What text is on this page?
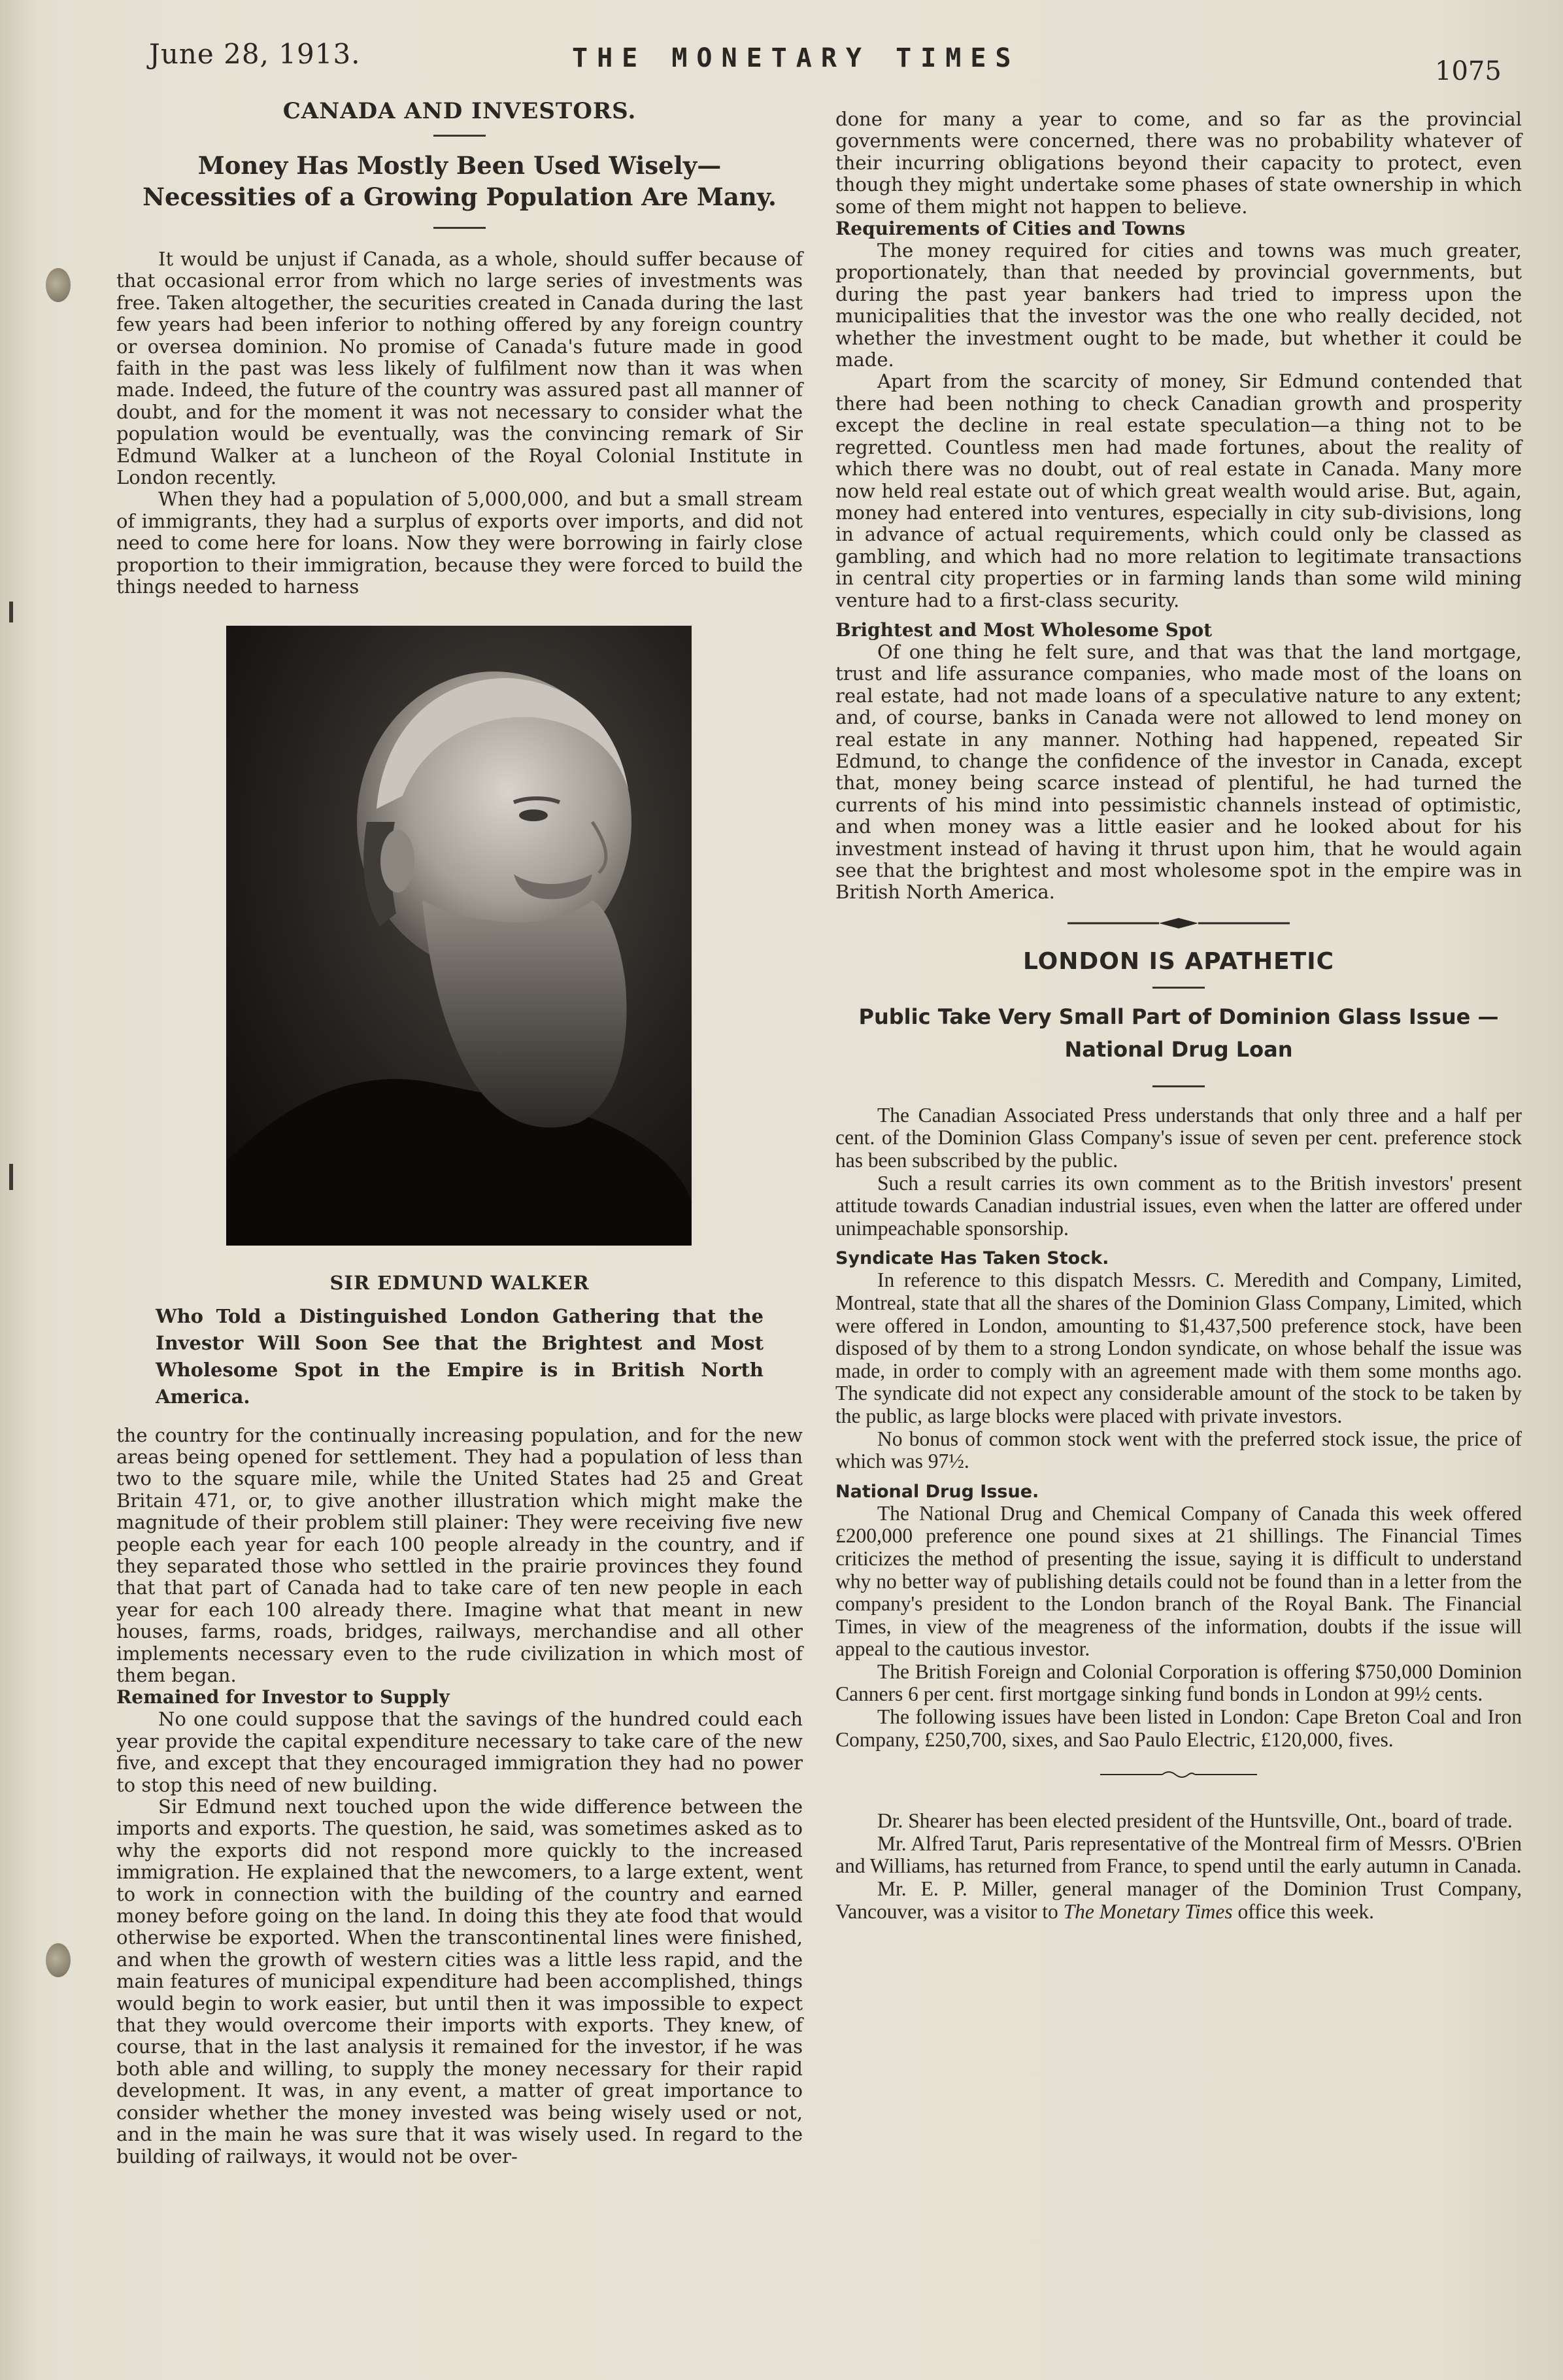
June 28, 1913.	THE MONETARY TIMES	1075
CANADA AND INVESTORS.
Money Has Mostly Been Used Wisely—Necessities of a Growing Population Are Many.

It would be unjust if Canada, as a whole, should suffer because of that occasional error from which no large series of investments was free. Taken altogether, the securities created in Canada during the last few years had been inferior to nothing offered by any foreign country or oversea dominion. No promise of Canada's future made in good faith in the past was less likely of fulfilment now than it was when made. Indeed, the future of the country was assured past all manner of doubt, and for the moment it was not necessary to consider what the population would be eventually, was the convincing remark of Sir Edmund Walker at a luncheon of the Royal Colonial Institute in London recently.

When they had a population of 5,000,000, and but a small stream of immigrants, they had a surplus of exports over imports, and did not need to come here for loans. Now they were borrowing in fairly close proportion to their immigration, because they were forced to build the things needed to harness

SIR EDMUND WALKER
Who Told a Distinguished London Gathering that the Investor Will Soon See that the Brightest and Most Wholesome Spot in the Empire is in British North America.

the country for the continually increasing population, and for the new areas being opened for settlement. They had a population of less than two to the square mile, while the United States had 25 and Great Britain 471, or, to give another illustration which might make the magnitude of their problem still plainer: They were receiving five new people each year for each 100 people already in the country, and if they separated those who settled in the prairie provinces they found that that part of Canada had to take care of ten new people in each year for each 100 already there. Imagine what that meant in new houses, farms, roads, bridges, railways, merchandise and all other implements necessary even to the rude civilization in which most of them began.

Remained for Investor to Supply

No one could suppose that the savings of the hundred could each year provide the capital expenditure necessary to take care of the new five, and except that they encouraged immigration they had no power to stop this need of new building.

Sir Edmund next touched upon the wide difference between the imports and exports. The question, he said, was sometimes asked as to why the exports did not respond more quickly to the increased immigration. He explained that the newcomers, to a large extent, went to work in connection with the building of the country and earned money before going on the land. In doing this they ate food that would otherwise be exported. When the transcontinental lines were finished, and when the growth of western cities was a little less rapid, and the main features of municipal expenditure had been accomplished, things would begin to work easier, but until then it was impossible to expect that they would overcome their imports with exports. They knew, of course, that in the last analysis it remained for the investor, if he was both able and willing, to supply the money necessary for their rapid development. It was, in any event, a matter of great importance to consider whether the money invested was being wisely used or not, and in the main he was sure that it was wisely used. In regard to the building of railways, it would not be over-

done for many a year to come, and so far as the provincial governments were concerned, there was no probability whatever of their incurring obligations beyond their capacity to protect, even though they might undertake some phases of state ownership in which some of them might not happen to believe.

Requirements of Cities and Towns

The money required for cities and towns was much greater, proportionately, than that needed by provincial governments, but during the past year bankers had tried to impress upon the municipalities that the investor was the one who really decided, not whether the investment ought to be made, but whether it could be made.

Apart from the scarcity of money, Sir Edmund contended that there had been nothing to check Canadian growth and prosperity except the decline in real estate speculation—a thing not to be regretted. Countless men had made fortunes, about the reality of which there was no doubt, out of real estate in Canada. Many more now held real estate out of which great wealth would arise. But, again, money had entered into ventures, especially in city sub-divisions, long in advance of actual requirements, which could only be classed as gambling, and which had no more relation to legitimate transactions in central city properties or in farming lands than some wild mining venture had to a first-class security.

Brightest and Most Wholesome Spot

Of one thing he felt sure, and that was that the land mortgage, trust and life assurance companies, who made most of the loans on real estate, had not made loans of a speculative nature to any extent; and, of course, banks in Canada were not allowed to lend money on real estate in any manner. Nothing had happened, repeated Sir Edmund, to change the confidence of the investor in Canada, except that, money being scarce instead of plentiful, he had turned the currents of his mind into pessimistic channels instead of optimistic, and when money was a little easier and he looked about for his investment instead of having it thrust upon him, that he would again see that the brightest and most wholesome spot in the empire was in British North America.

LONDON IS APATHETIC
Public Take Very Small Part of Dominion Glass Issue —National Drug Loan

The Canadian Associated Press understands that only three and a half per cent. of the Dominion Glass Company's issue of seven per cent. preference stock has been subscribed by the public.

Such a result carries its own comment as to the British investors' present attitude towards Canadian industrial issues, even when the latter are offered under unimpeachable sponsorship.

Syndicate Has Taken Stock.

In reference to this dispatch Messrs. C. Meredith and Company, Limited, Montreal, state that all the shares of the Dominion Glass Company, Limited, which were offered in London, amounting to $1,437,500 preference stock, have been disposed of by them to a strong London syndicate, on whose behalf the issue was made, in order to comply with an agreement made with them some months ago. The syndicate did not expect any considerable amount of the stock to be taken by the public, as large blocks were placed with private investors.

No bonus of common stock went with the preferred stock issue, the price of which was 97½.

National Drug Issue.

The National Drug and Chemical Company of Canada this week offered £200,000 preference one pound sixes at 21 shillings. The Financial Times criticizes the method of presenting the issue, saying it is difficult to understand why no better way of publishing details could not be found than in a letter from the company's president to the London branch of the Royal Bank. The Financial Times, in view of the meagreness of the information, doubts if the issue will appeal to the cautious investor.

The British Foreign and Colonial Corporation is offering $750,000 Dominion Canners 6 per cent. first mortgage sinking fund bonds in London at 99½ cents.

The following issues have been listed in London: Cape Breton Coal and Iron Company, £250,700, sixes, and Sao Paulo Electric, £120,000, fives.

Dr. Shearer has been elected president of the Huntsville, Ont., board of trade.

Mr. Alfred Tarut, Paris representative of the Montreal firm of Messrs. O'Brien and Williams, has returned from France, to spend until the early autumn in Canada.

Mr. E. P. Miller, general manager of the Dominion Trust Company, Vancouver, was a visitor to The Monetary Times office this week.
